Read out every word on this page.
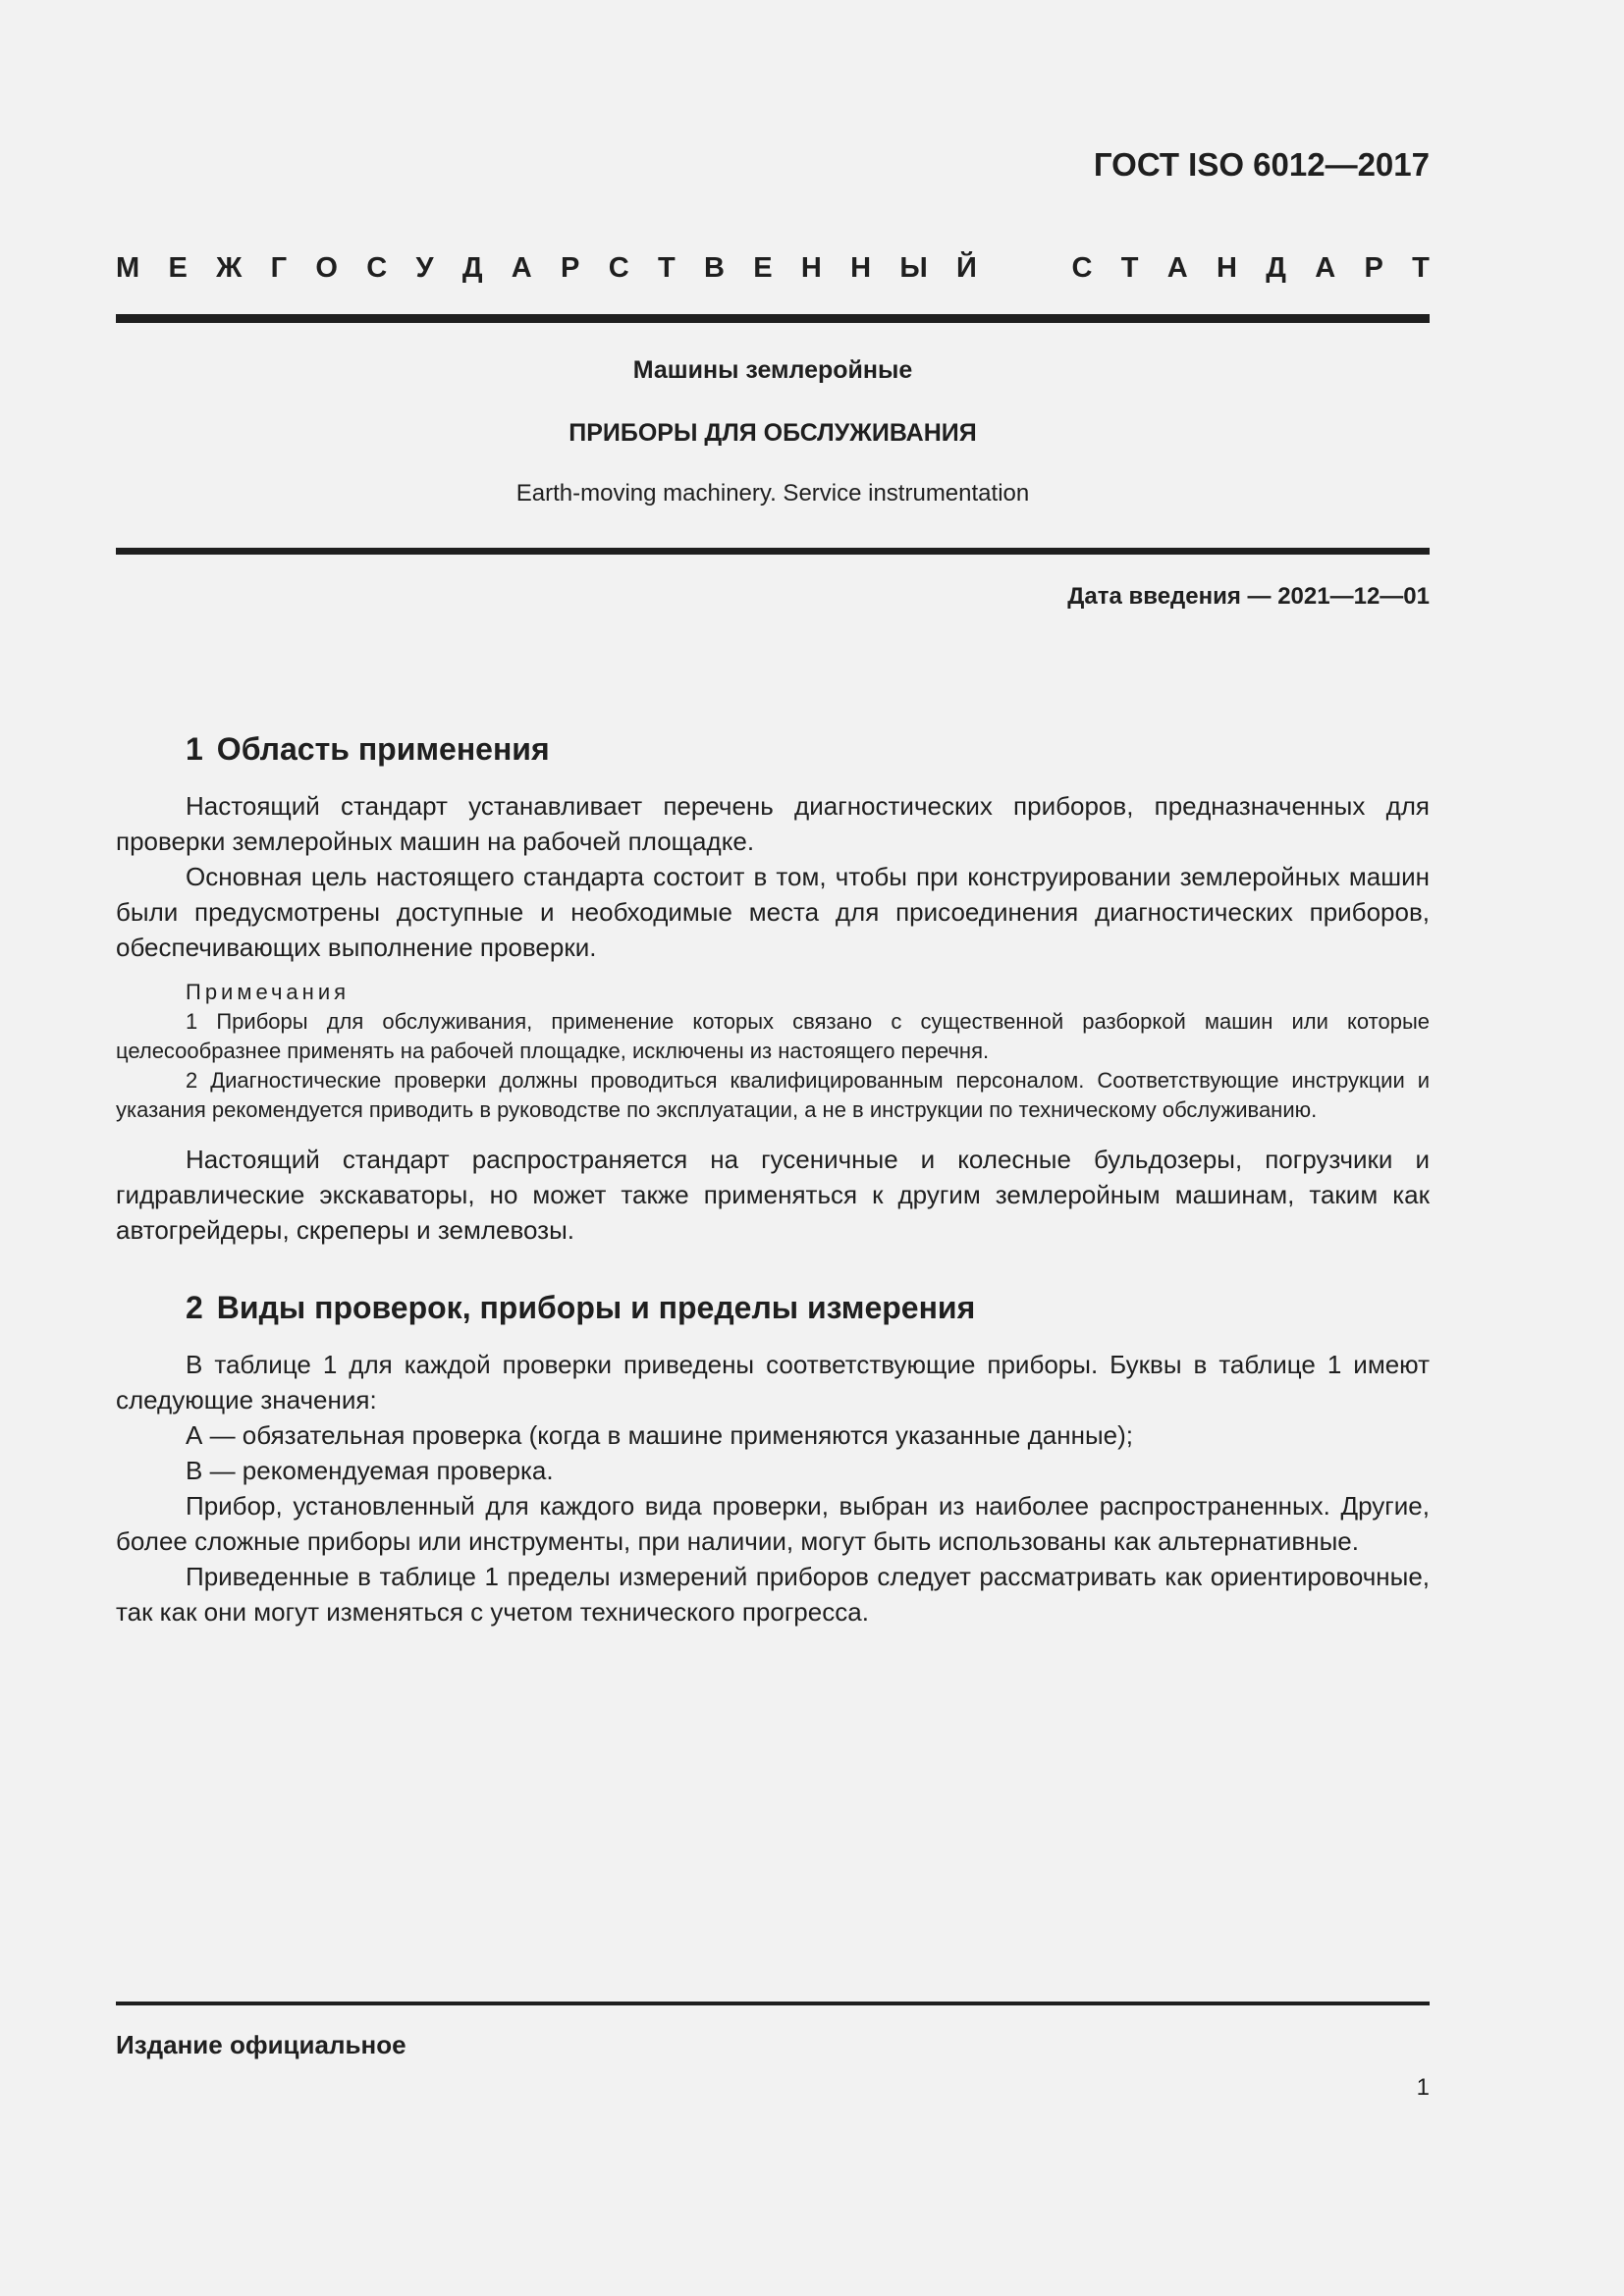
ГОСТ ISO 6012—2017
М Е Ж Г О С У Д А Р С Т В Е Н Н Ы Й	С Т А Н Д А Р Т
Машины землеройные
ПРИБОРЫ ДЛЯ ОБСЛУЖИВАНИЯ
Earth-moving machinery. Service instrumentation
Дата введения — 2021—12—01
1 Область применения

Настоящий стандарт устанавливает перечень диагностических приборов, предназначенных для проверки землеройных машин на рабочей площадке.

Основная цель настоящего стандарта состоит в том, чтобы при конструировании землеройных машин были предусмотрены доступные и необходимые места для присоединения диагностических приборов, обеспечивающих выполнение проверки.

Примечания

1 Приборы для обслуживания, применение которых связано с существенной разборкой машин или которые целесообразнее применять на рабочей площадке, исключены из настоящего перечня.

2 Диагностические проверки должны проводиться квалифицированным персоналом. Соответствующие инструкции и указания рекомендуется приводить в руководстве по эксплуатации, а не в инструкции по техническому обслуживанию.

Настоящий стандарт распространяется на гусеничные и колесные бульдозеры, погрузчики и гидравлические экскаваторы, но может также применяться к другим землеройным машинам, таким как автогрейдеры, скреперы и землевозы.

2 Виды проверок, приборы и пределы измерения

В таблице 1 для каждой проверки приведены соответствующие приборы. Буквы в таблице 1 имеют следующие значения:

А — обязательная проверка (когда в машине применяются указанные данные);

В — рекомендуемая проверка.

Прибор, установленный для каждого вида проверки, выбран из наиболее распространенных. Другие, более сложные приборы или инструменты, при наличии, могут быть использованы как альтернативные.

Приведенные в таблице 1 пределы измерений приборов следует рассматривать как ориентировочные, так как они могут изменяться с учетом технического прогресса.

Издание официальное
1
